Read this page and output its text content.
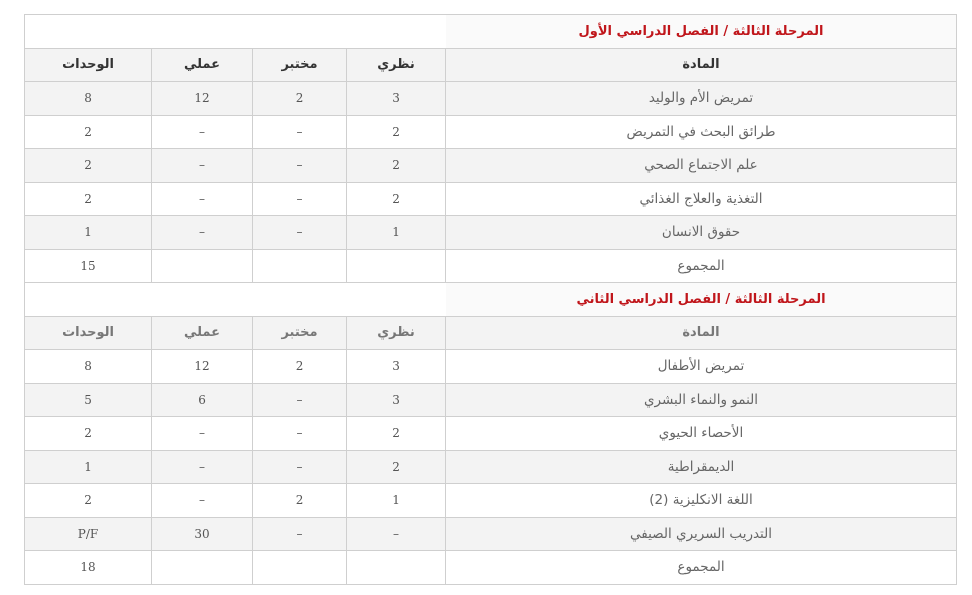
المرحلة الثالثة / الفصل الدراسي الأول
الوحدات	عملي	مختبر	نظري	المادة
8	12	2	3	تمريض الأم والوليد
2	–	–	2	طرائق البحث في التمريض
2	–	–	2	علم الاجتماع الصحي
2	–	–	2	التغذية والعلاج الغذائي
1	–	–	1	حقوق الانسان
15	المجموع
المرحلة الثالثة / الفصل الدراسي الثاني
الوحدات	عملي	مختبر	نظري	المادة
8	12	2	3	تمريض الأطفال
5	6	–	3	النمو والنماء البشري
2	–	–	2	الأحصاء الحيوي
1	–	–	2	الديمقراطية
2	–	2	1	اللغة الانكليزية (2)
P/F	30	–	–	التدريب السريري الصيفي
18	المجموع
